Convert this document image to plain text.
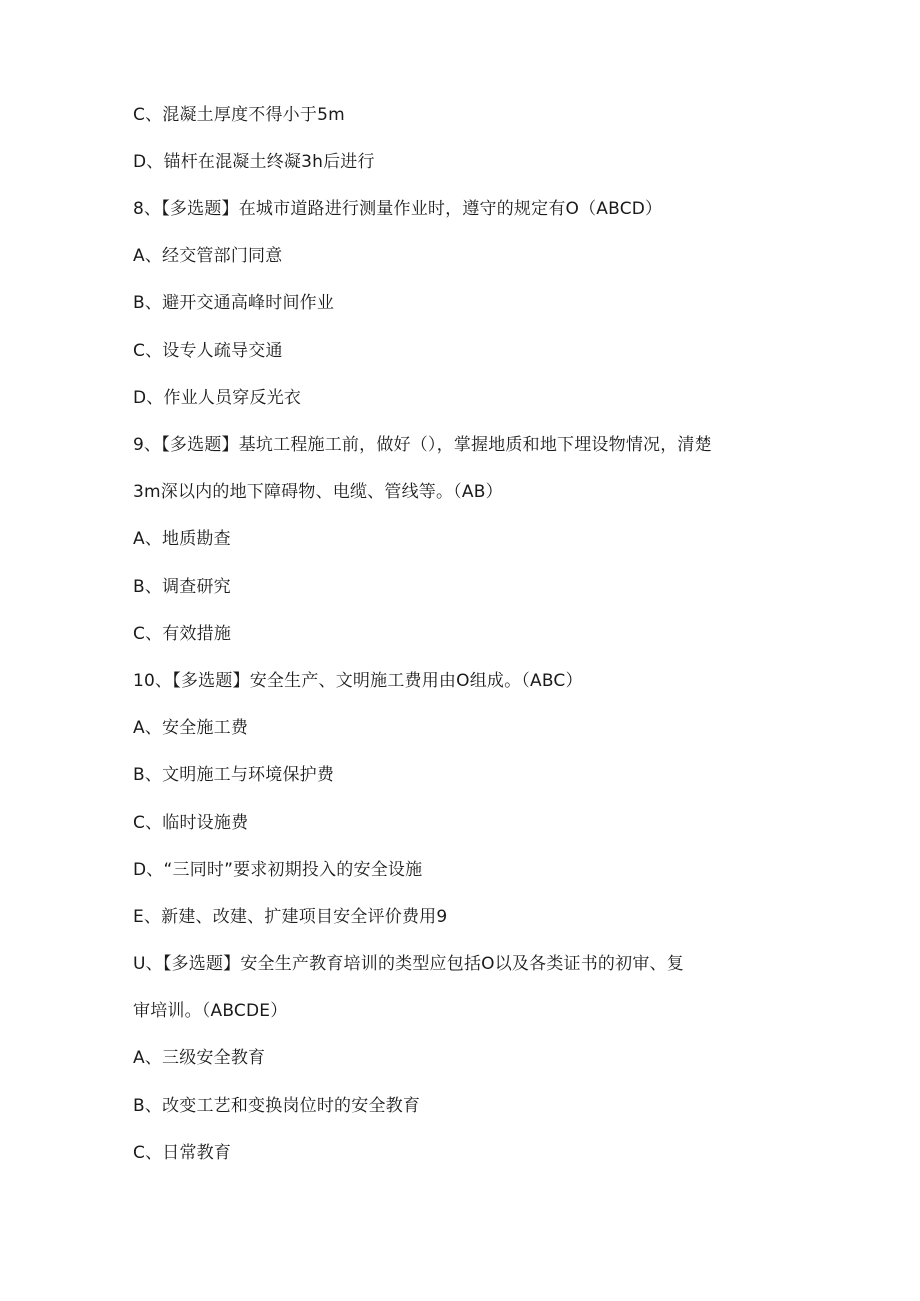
C、混凝土厚度不得小于5m
D、锚杆在混凝土终凝3h后进行
8、【多选题】在城市道路进行测量作业时，遵守的规定有O（ABCD）
A、经交管部门同意
B、避开交通高峰时间作业
C、设专人疏导交通
D、作业人员穿反光衣
9、【多选题】基坑工程施工前，做好（），掌握地质和地下埋设物情况，清楚
3m深以内的地下障碍物、电缆、管线等。（AB）
A、地质勘查
B、调查研究
C、有效措施
10、【多选题】安全生产、文明施工费用由O组成。（ABC）
A、安全施工费
B、文明施工与环境保护费
C、临时设施费
D、“三同时”要求初期投入的安全设施
E、新建、改建、扩建项目安全评价费用9
U、【多选题】安全生产教育培训的类型应包括O以及各类证书的初审、复
审培训。（ABCDE）
A、三级安全教育
B、改变工艺和变换岗位时的安全教育
C、日常教育
